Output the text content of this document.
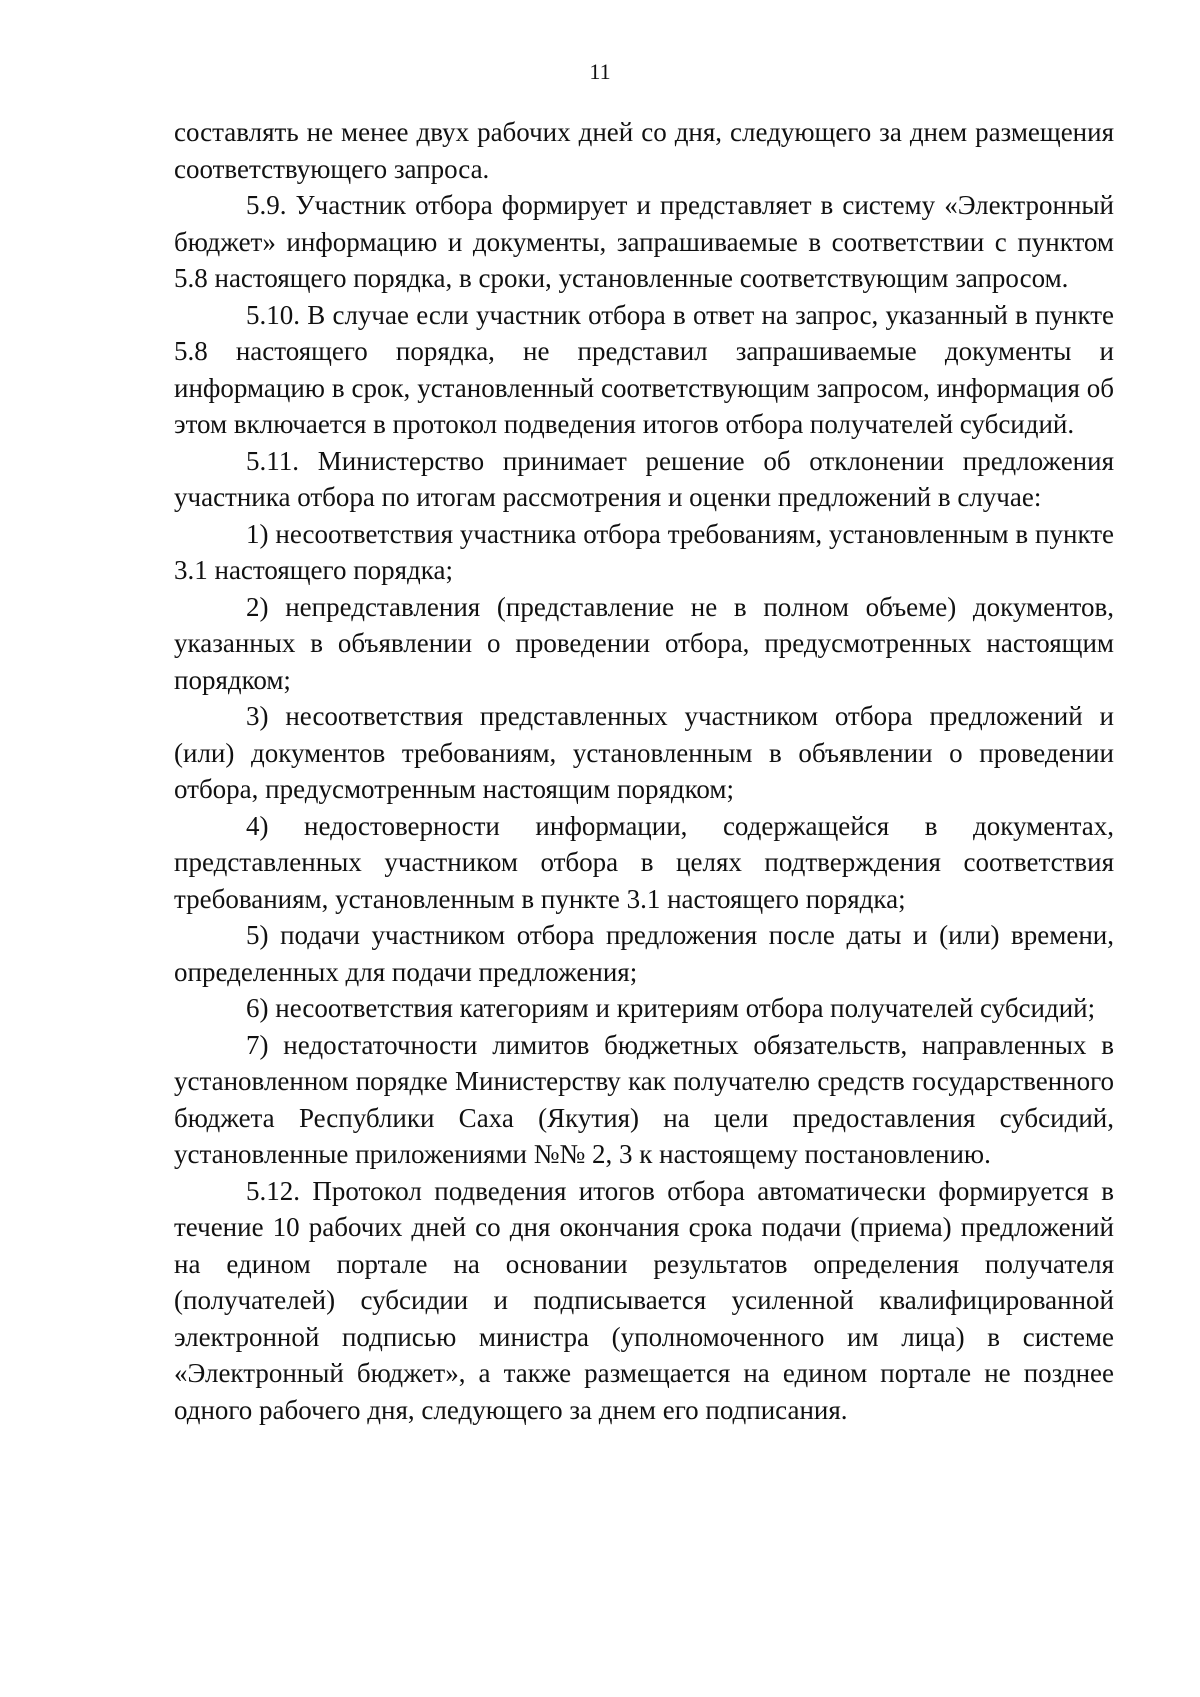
11

составлять не менее двух рабочих дней со дня, следующего за днем размещения соответствующего запроса.

5.9. Участник отбора формирует и представляет в систему «Электронный бюджет» информацию и документы, запрашиваемые в соответствии с пунктом 5.8 настоящего порядка, в сроки, установленные соответствующим запросом.

5.10. В случае если участник отбора в ответ на запрос, указанный в пункте 5.8 настоящего порядка, не представил запрашиваемые документы и информацию в срок, установленный соответствующим запросом, информация об этом включается в протокол подведения итогов отбора получателей субсидий.

5.11. Министерство принимает решение об отклонении предложения участника отбора по итогам рассмотрения и оценки предложений в случае:

1) несоответствия участника отбора требованиям, установленным в пункте 3.1 настоящего порядка;

2) непредставления (представление не в полном объеме) документов, указанных в объявлении о проведении отбора, предусмотренных настоящим порядком;

3) несоответствия представленных участником отбора предложений и (или) документов требованиям, установленным в объявлении о проведении отбора, предусмотренным настоящим порядком;

4) недостоверности информации, содержащейся в документах, представленных участником отбора в целях подтверждения соответствия требованиям, установленным в пункте 3.1 настоящего порядка;

5) подачи участником отбора предложения после даты и (или) времени, определенных для подачи предложения;

6) несоответствия категориям и критериям отбора получателей субсидий;

7) недостаточности лимитов бюджетных обязательств, направленных в установленном порядке Министерству как получателю средств государственного бюджета Республики Саха (Якутия) на цели предоставления субсидий, установленные приложениями №№ 2, 3 к настоящему постановлению.

5.12. Протокол подведения итогов отбора автоматически формируется в течение 10 рабочих дней со дня окончания срока подачи (приема) предложений на едином портале на основании результатов определения получателя (получателей) субсидии и подписывается усиленной квалифицированной электронной подписью министра (уполномоченного им лица) в системе «Электронный бюджет», а также размещается на едином портале не позднее одного рабочего дня, следующего за днем его подписания.
